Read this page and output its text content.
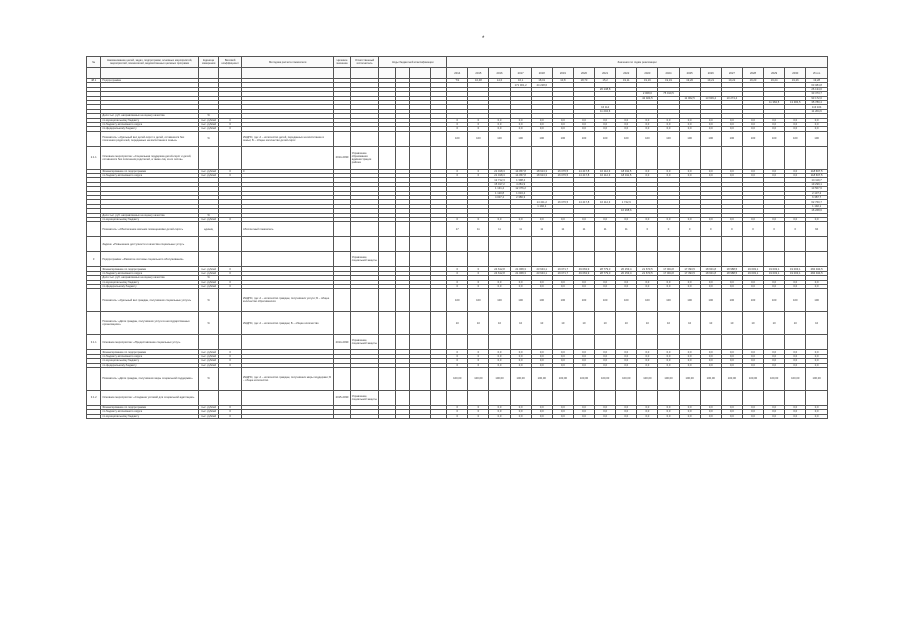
*
№	Наименование целей, задач, подпрограмм, основных мероприятий, мероприятий, показателей, ведомственных целевых программ	Единица измерения	Весовой коэффициент	Методика расчета показателя	Целевое значение	Ответственный исполнитель	Коды бюджетной классификации				Значения по годам реализации																	
											2014	2015	2016	2017	2018	2019	2020	2021	2022	2023	2024	2025	2026	2027	2028	2029	2030	Итого
48.1	Подпрограмма										Т/1	16,48	14,6	16,1	18,01	10,8	18,73	15,2	19,11	19,16	19,19	19,20	19,21	19,22	19,23	19,24	19,26	19,28
														171 001,2	44 228,6													63 084,8
																		26 138,8										26 134,0
																				2 008,0	75 010,5							33 373,7
																				42 024,5		11 062,5	13 609,4	10 274,4				93 172,0
																										11 384,5	13 384,5	35 780,4
																		16 114										113 104
																		11 204,6										11 204,6
	Доля тыс. руб. направляемых на оценку качества	%																										
	по муниципальному бюджету	тыс. рублей	0								0	0	0,0	0,0	0,0	0,0	0,0	0,0	0,0	0,0	0,0	0,0	0,0	0,0	0,0	0,0	0,0	0,0
	по бюджету автономного округа	тыс. рублей	0								0	0	0,0	0,0	0,0	0,0	0,0	0,0	0,0	0,0	0,0	0,0	0,0	0,0	0,0	0,0	0,0	0,0
	по федеральному бюджету	тыс. рублей	0								0	0	0,0	0,0	0,0	0,0	0,0	0,0	0,0	0,0	0,0	0,0	0,0	0,0	0,0	0,0	0,0	0,0
	Показатель: «Удельный вес детей-сирот и детей, оставшихся без попечения родителей, переданных на воспитание в семьи»	%		ИНДПС, где: А – количество детей, переданных на воспитание в семьи; Б – общее количество детей-сирот							100	100	100	100	100	100	100	100	100	100	100	100	100	100	100	100	100	100
2.1.1	Основное мероприятие: «Социальная поддержка детей-сирот и детей, оставшихся без попечения родителей, а также лиц из их числа»				2014-2030	Управление образования администрации района																						
	Финансирование по подпрограмме	тыс. рублей	0	0							0	0	21 018,3	14 057,8	18 913,3	16 076,5	14 417,8	16 112,3	18 011,5	0,0	0,0	0,0	0,0	0,0	0,0	0,0	0,0	118 607,5
	по бюджету автономного округа	тыс. рублей	0								0	0	21 018,3	14 057,8	18 913,3	16 076,5	14 417,8	16 112,3	18 011,5	0,0	0,0	0,0	0,0	0,0	0,0	0,0	0,0	118 607,5
													12 712,3	1 398,4														14 110,7
													15 017,2	4 281,9														19 299,1
													1 131,4	12 376,2														13 507,6
													1 120,8	1 016,4														2 137,2
													4 007,4	2 380,3														6 387,7
															14 411,2	16 076,5	14 417,8	16 112,3	1 742,9									62 760,7
															1 192,1													1 192,1
																			16 268,6									16 268,6
	Доля тыс. руб. направляемых на оценку качества	%																										
	по муниципальному бюджету	тыс. рублей	0								0	0	0,0	0,0	0,0	0,0	0,0	0,0	0,0	0,0	0,0	0,0	0,0	0,0	0,0	0,0	0,0	0,0
	Показатель: «Обеспечение жилыми помещениями детей-сирот»	единиц		Абсолютный показатель							17	11	11	11	11	11	11	11	11	0	0	0	0	0	0	0	0	94
	Задача: «Повышение доступности и качества социальных услуг»																											
3	Подпрограмма: «Развитие системы социального обслуживания»					Управление социальной защиты																						
	Финансирование по подпрограмме	тыс. рублей	0								0	0	24 612,8	21 068,3	23 643,1	19 071,7	49 063,9	28 779,3	20 153,4	21 673,5	17 004,8	17 393,5	18 601,8	18 988,5	19 003,1	19 003,1	19 003,1	284 944,5
	по бюджету автономного округа	тыс. рублей	0								0	0	24 612,8	21 068,3	23 643,1	19 071,7	49 063,9	28 779,3	20 153,4	21 673,5	17 004,8	17 393,5	18 601,8	18 988,5	19 003,1	19 003,1	19 003,1	284 944,5
	Доля тыс. руб. направляемых на оценку качества	%																										
	по муниципальному бюджету	тыс. рублей	0								0	0	0,0	0,0	0,0	0,0	0,0	0,0	0,0	0,0	0,0	0,0	0,0	0,0	0,0	0,0	0,0	0,0
	по федеральному бюджету	тыс. рублей	0								0	0	0,0	0,0	0,0	0,0	0,0	0,0	0,0	0,0	0,0	0,0	0,0	0,0	0,0	0,0	0,0	0,0
	Показатель: «Удельный вес граждан, получивших социальные услуги»	%		ИНДПС, где: А – количество граждан, получивших услуги; Б – общее количество обратившихся							100	100	100	100	100	100	100	100	100	100	100	100	100	100	100	100	100	100
	Показатель: «Доля граждан, получивших услуги в негосударственных организациях»	%		ИНДПС, где: А – количество граждан; Б – общее количество							10	10	10	10	10	10	10	10	10	10	10	10	10	10	10	10	10	10
3.1.1	Основное мероприятие: «Предоставление социальных услуг»				2014-2030	Управление социальной защиты																						
	Финансирование по подпрограмме	тыс. рублей	0								0	0	0,0	0,0	0,0	0,0	0,0	0,0	0,0	0,0	0,0	0,0	0,0	0,0	0,0	0,0	0,0	0,0
	по бюджету автономного округа	тыс. рублей	0								0	0	0,0	0,0	0,0	0,0	0,0	0,0	0,0	0,0	0,0	0,0	0,0	0,0	0,0	0,0	0,0	0,0
	по муниципальному бюджету	тыс. рублей	0								0	0	0,0	0,0	0,0	0,0	0,0	0,0	0,0	0,0	0,0	0,0	0,0	0,0	0,0	0,0	0,0	0,0
	по федеральному бюджету	тыс. рублей	0								0	0	0,0	0,0	0,0	0,0	0,0	0,0	0,0	0,0	0,0	0,0	0,0	0,0	0,0	0,0	0,0	0,0
	Показатель: «Доля граждан, получивших меры социальной поддержки»	%		ИНДПС, где: А – количество граждан, получивших меры поддержки; Б – общее количество							100,00	100,00	100,00	100,00	100,00	100,00	100,00	100,00	100,00	100,00	100,00	100,00	100,00	100,00	100,00	100,00	100,00	100,00
3.1.2	Основное мероприятие: «Создание условий для социальной адаптации»				2015-2030	Управление социальной защиты																						
	Финансирование по подпрограмме	тыс. рублей	0								0	0	0,0	0,0	0,0	0,0	0,0	0,0	0,0	0,0	0,0	0,0	0,0	0,0	0,0	0,0	0,0	0,0
	по бюджету автономного округа	тыс. рублей	0								0	0	0,0	0,0	0,0	0,0	0,0	0,0	0,0	0,0	0,0	0,0	0,0	0,0	0,0	0,0	0,0	0,0
	по муниципальному бюджету	тыс. рублей	0								0	0	0,0	0,0	0,0	0,0	0,0	0,0	0,0	0,0	0,0	0,0	0,0	0,0	0,0	0,0	0,0	0,0
